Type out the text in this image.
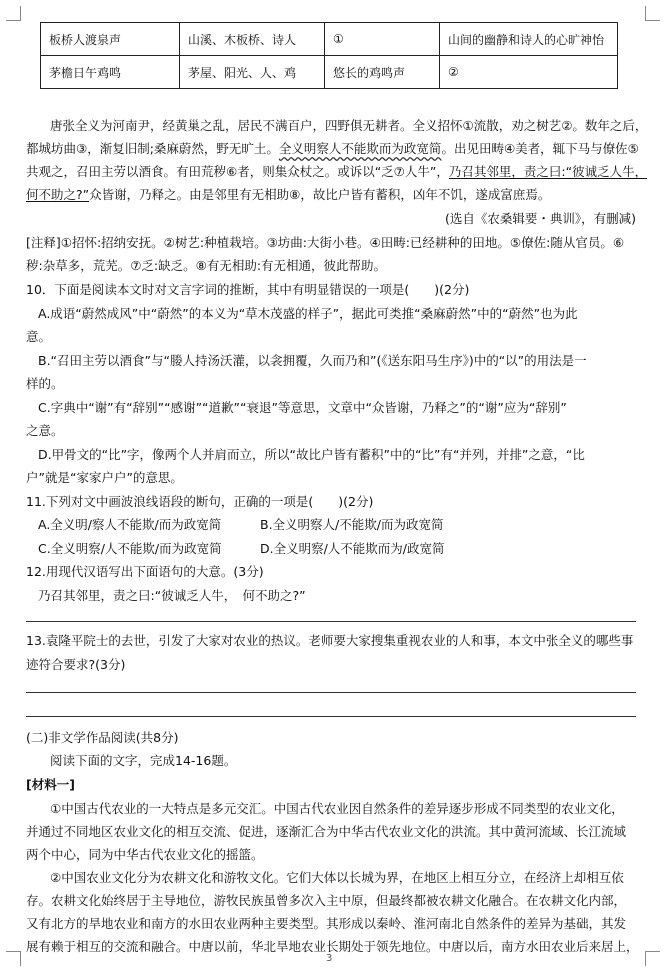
板桥人渡泉声	山溪、木板桥、诗人	①	山间的幽静和诗人的心旷神怡
茅檐日午鸡鸣	茅屋、阳光、人、鸡	悠长的鸡鸣声	②
唐张全义为河南尹，经黄巢之乱，居民不满百户，四野俱无耕者。全义招怀①流散，劝之树艺②。数年之后，
都城坊曲③，渐复旧制;桑麻蔚然，野无旷土。全义明察人不能欺而为政宽简。出见田畴④美者，辄下马与僚佐⑤
共观之，召田主劳以酒食。有田荒秽⑥者，则集众杖之。或诉以“乏⑦人牛”，乃召其邻里，责之曰:“彼诚乏人牛，
何不助之?”众皆谢，乃释之。由是邻里有无相助⑧，故比户皆有蓄积，凶年不饥，遂成富庶焉。
(选自《农桑辑要・典训》，有删减)
[注释]①招怀:招纳安抚。②树艺:种植栽培。③坊曲:大街小巷。④田畴:已经耕种的田地。⑤僚佐:随从官员。⑥
秽:杂草多，荒芜。⑦乏:缺乏。⑧有无相助:有无相通，彼此帮助。
10．下面是阅读本文时对文言字词的推断，其中有明显错误的一项是(　　)(2分)
A.成语“蔚然成风”中“蔚然”的本义为“草木茂盛的样子”，据此可类推“桑麻蔚然”中的“蔚然”也为此
意。
B.“召田主劳以酒食”与“媵人持汤沃灌，以衾拥覆，久而乃和”(《送东阳马生序》)中的“以”的用法是一
样的。
C.字典中“谢”有“辞别”“感谢”“道歉”“衰退”等意思，文章中“众皆谢，乃释之”的“谢”应为“辞别”
之意。
D.甲骨文的“比”字，像两个人并肩而立，所以“故比户皆有蓄积”中的“比”有“并列，并排”之意，“比
户”就是“家家户户”的意思。
11.下列对文中画波浪线语段的断句，正确的一项是(　　)(2分)
A.全义明/察人不能欺/而为政宽简	B.全义明察人/不能欺/而为政宽简
C.全义明察/人不能欺/而为政宽简	D.全义明察/人不能欺而为/政宽简
12.用现代汉语写出下面语句的大意。(3分)
乃召其邻里，责之曰:“彼诚乏人牛，　何不助之?”
13.袁隆平院士的去世，引发了大家对农业的热议。老师要大家搜集重视农业的人和事，本文中张全义的哪些事
迹符合要求?(3分)
(二)非文学作品阅读(共8分)
阅读下面的文字，完成14-16题。
[材料一]
①中国古代农业的一大特点是多元交汇。中国古代农业因自然条件的差异逐步形成不同类型的农业文化，
并通过不同地区农业文化的相互交流、促进，逐渐汇合为中华古代农业文化的洪流。其中黄河流域、长江流域
两个中心，同为中华古代农业文化的摇篮。
②中国农业文化分为农耕文化和游牧文化。它们大体以长城为界，在地区上相互分立，在经济上却相互依
存。农耕文化始终居于主导地位，游牧民族虽曾多次入主中原，但最终都被农耕文化融合。在农耕文化内部，
又有北方的旱地农业和南方的水田农业两种主要类型。其形成以秦岭、淮河南北自然条件的差异为基础，其发
展有赖于相互的交流和融合。中唐以前，华北旱地农业长期处于领先地位。中唐以后，南方水田农业后来居上，
3
